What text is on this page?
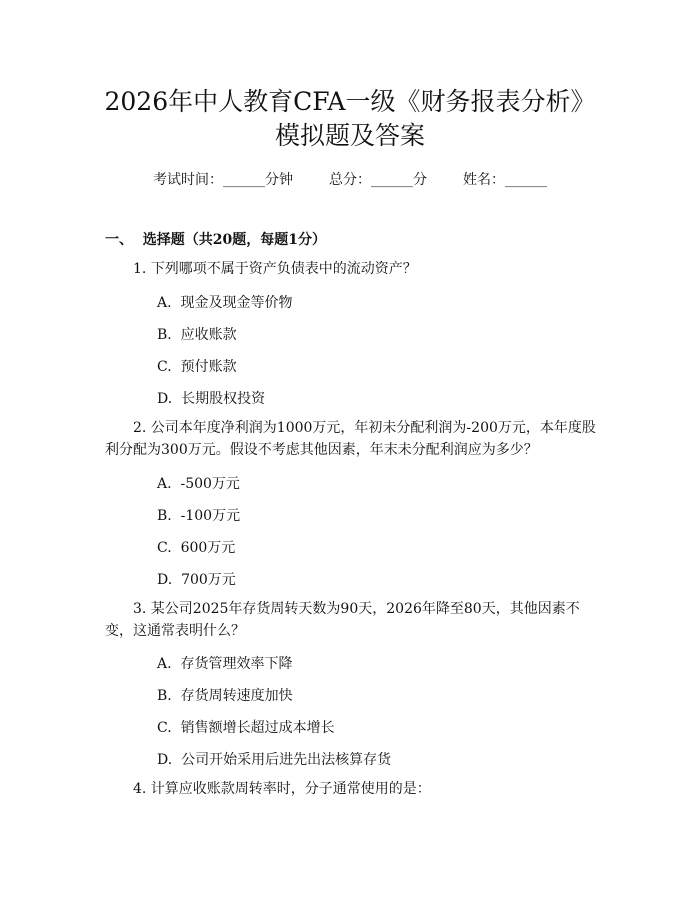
2026年中人教育CFA一级《财务报表分析》
模拟题及答案
考试时间：______分钟	总分：______分	姓名：______
一、  选择题（共20题，每题1分）
1. 下列哪项不属于资产负债表中的流动资产？
A.  现金及现金等价物
B.  应收账款
C.  预付账款
D.  长期股权投资
2. 公司本年度净利润为1000万元，年初未分配利润为-200万元，本年度股利分配为300万元。假设不考虑其他因素，年末未分配利润应为多少？
A.  -500万元
B.  -100万元
C.  600万元
D.  700万元
3. 某公司2025年存货周转天数为90天，2026年降至80天，其他因素不变，这通常表明什么？
A.  存货管理效率下降
B.  存货周转速度加快
C.  销售额增长超过成本增长
D.  公司开始采用后进先出法核算存货
4. 计算应收账款周转率时，分子通常使用的是：
